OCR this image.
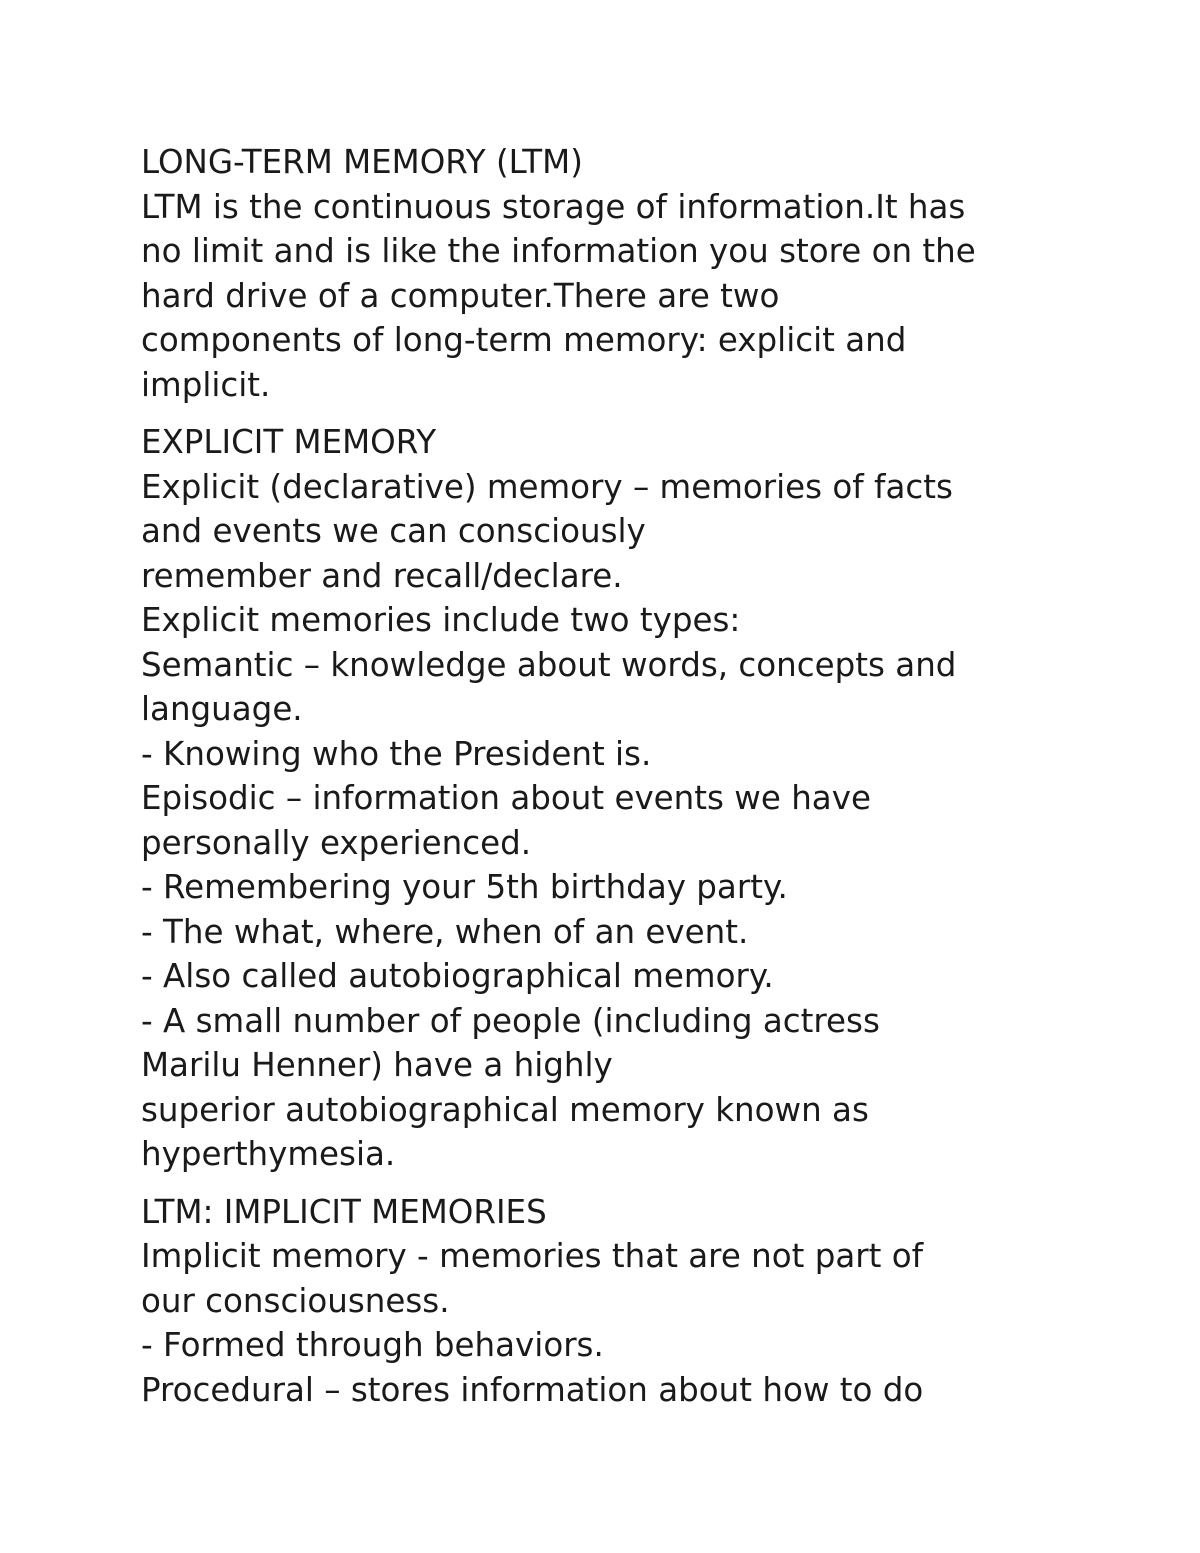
LONG-TERM MEMORY (LTM)
LTM is the continuous storage of information.It has
no limit and is like the information you store on the
hard drive of a computer.There are two
components of long-term memory: explicit and
implicit.
EXPLICIT MEMORY
Explicit (declarative) memory – memories of facts
and events we can consciously
remember and recall/declare.
Explicit memories include two types:
Semantic – knowledge about words, concepts and
language.
- Knowing who the President is.
Episodic – information about events we have
personally experienced.
- Remembering your 5th birthday party.
- The what, where, when of an event.
- Also called autobiographical memory.
- A small number of people (including actress
Marilu Henner) have a highly
superior autobiographical memory known as
hyperthymesia.
LTM: IMPLICIT MEMORIES
Implicit memory - memories that are not part of
our consciousness.
- Formed through behaviors.
Procedural – stores information about how to do
